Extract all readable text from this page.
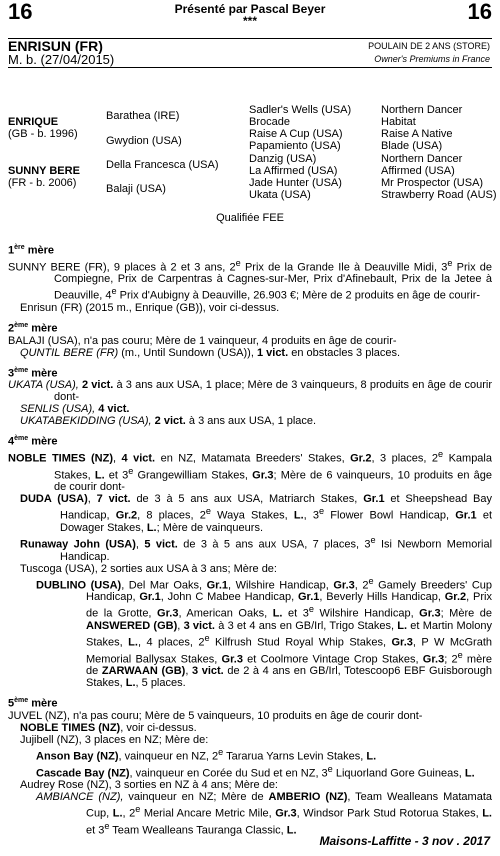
16	Présenté par Pascal Beyer
***	16
ENRISUN (FR)
M. b. (27/04/2015)
POULAIN DE 2 ANS (STORE)
Owner's Premiums in France
ENRIQUE
(GB - b. 1996)
SUNNY BERE
(FR - b. 2006)
Barathea (IRE)
Gwydion (USA)
Della Francesca (USA)
Balaji (USA)
Sadler's Wells (USA)
Brocade
Raise A Cup (USA)
Papamiento (USA)
Danzig (USA)
La Affirmed (USA)
Jade Hunter (USA)
Ukata (USA)
Northern Dancer
Habitat
Raise A Native
Blade (USA)
Northern Dancer
Affirmed (USA)
Mr Prospector (USA)
Strawberry Road (AUS)
Qualifiée FEE
1ère mère

SUNNY BERE (FR), 9 places à 2 et 3 ans, 2e Prix de la Grande Ile à Deauville Midi, 3e Prix de Compiegne, Prix de Carpentras à Cagnes-sur-Mer, Prix d'Afinebault, Prix de la Jetee à Deauville, 4e Prix d'Aubigny à Deauville, 26.903 €; Mère de 2 produits en âge de courir-

Enrisun (FR) (2015 m., Enrique (GB)), voir ci-dessus.

2ème mère

BALAJI (USA), n'a pas couru; Mère de 1 vainqueur, 4 produits en âge de courir-

QUNTIL BERE (FR) (m., Until Sundown (USA)), 1 vict. en obstacles 3 places.

3ème mère

UKATA (USA), 2 vict. à 3 ans aux USA, 1 place; Mère de 3 vainqueurs, 8 produits en âge de courir dont-

SENLIS (USA), 4 vict.

UKATABEKIDDING (USA), 2 vict. à 3 ans aux USA, 1 place.

4ème mère

NOBLE TIMES (NZ), 4 vict. en NZ, Matamata Breeders' Stakes, Gr.2, 3 places, 2e Kampala Stakes, L. et 3e Grangewilliam Stakes, Gr.3; Mère de 6 vainqueurs, 10 produits en âge de courir dont-

DUDA (USA), 7 vict. de 3 à 5 ans aux USA, Matriarch Stakes, Gr.1 et Sheepshead Bay Handicap, Gr.2, 8 places, 2e Waya Stakes, L., 3e Flower Bowl Handicap, Gr.1 et Dowager Stakes, L.; Mère de vainqueurs.

Runaway John (USA), 5 vict. de 3 à 5 ans aux USA, 7 places, 3e Isi Newborn Memorial Handicap.

Tuscoga (USA), 2 sorties aux USA à 3 ans; Mère de:

DUBLINO (USA), Del Mar Oaks, Gr.1, Wilshire Handicap, Gr.3, 2e Gamely Breeders' Cup Handicap, Gr.1, John C Mabee Handicap, Gr.1, Beverly Hills Handicap, Gr.2, Prix de la Grotte, Gr.3, American Oaks, L. et 3e Wilshire Handicap, Gr.3; Mère de ANSWERED (GB), 3 vict. à 3 et 4 ans en GB/Irl, Trigo Stakes, L. et Martin Molony Stakes, L., 4 places, 2e Kilfrush Stud Royal Whip Stakes, Gr.3, P W McGrath Memorial Ballysax Stakes, Gr.3 et Coolmore Vintage Crop Stakes, Gr.3; 2e mère de ZARWAAN (GB), 3 vict. de 2 à 4 ans en GB/Irl, Totescoop6 EBF Guisborough Stakes, L., 5 places.

5ème mère

JUVEL (NZ), n'a pas couru; Mère de 5 vainqueurs, 10 produits en âge de courir dont-

NOBLE TIMES (NZ), voir ci-dessus.

Jujibell (NZ), 3 places en NZ; Mère de:

Anson Bay (NZ), vainqueur en NZ, 2e Tararua Yarns Levin Stakes, L.

Cascade Bay (NZ), vainqueur en Corée du Sud et en NZ, 3e Liquorland Gore Guineas, L.

Audrey Rose (NZ), 3 sorties en NZ à 4 ans; Mère de:

AMBIANCE (NZ), vainqueur en NZ; Mère de AMBERIO (NZ), Team Wealleans Matamata Cup, L., 2e Merial Ancare Metric Mile, Gr.3, Windsor Park Stud Rotorua Stakes, L. et 3e Team Wealleans Tauranga Classic, L.

Maisons-Laffitte - 3 nov . 2017
